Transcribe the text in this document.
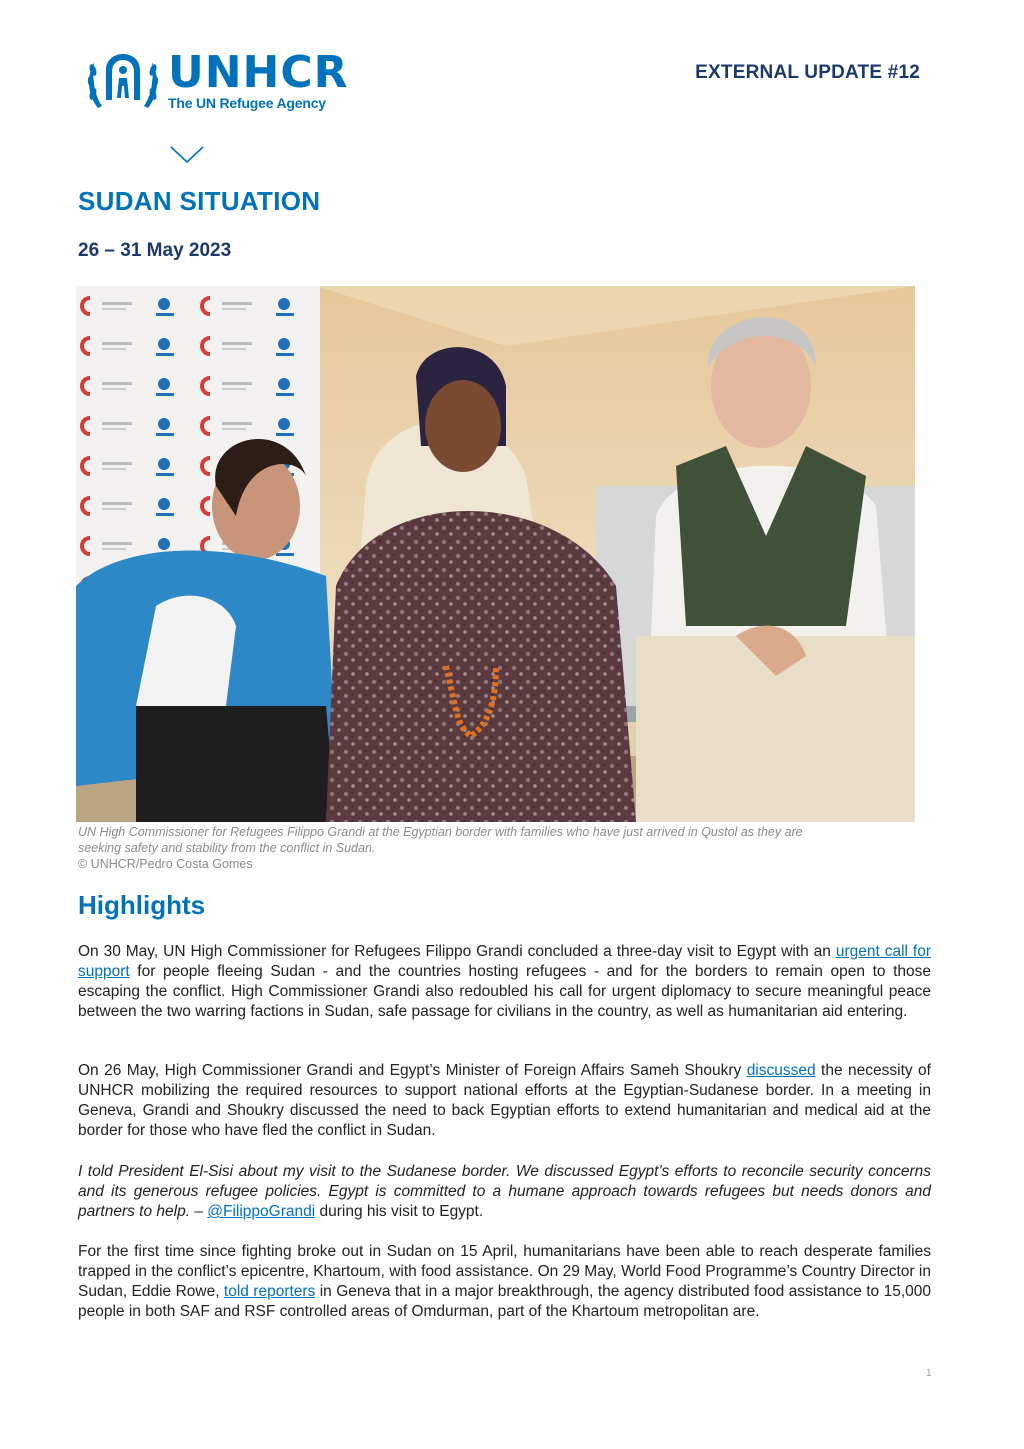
UNHCR
The UN Refugee Agency
EXTERNAL UPDATE #12
SUDAN SITUATION
26 – 31 May 2023
UN High Commissioner for Refugees Filippo Grandi at the Egyptian border with families who have just arrived in Qustol as they are
seeking safety and stability from the conflict in Sudan.
© UNHCR/Pedro Costa Gomes
Highlights
On 30 May, UN High Commissioner for Refugees Filippo Grandi concluded a three-day visit to Egypt with an urgent call for support for people fleeing Sudan - and the countries hosting refugees - and for the borders to remain open to those escaping the conflict. High Commissioner Grandi also redoubled his call for urgent diplomacy to secure meaningful peace between the two warring factions in Sudan, safe passage for civilians in the country, as well as humanitarian aid entering.
On 26 May, High Commissioner Grandi and Egypt’s Minister of Foreign Affairs Sameh Shoukry discussed the necessity of UNHCR mobilizing the required resources to support national efforts at the Egyptian-Sudanese border. In a meeting in Geneva, Grandi and Shoukry discussed the need to back Egyptian efforts to extend humanitarian and medical aid at the border for those who have fled the conflict in Sudan.
I told President El-Sisi about my visit to the Sudanese border. We discussed Egypt’s efforts to reconcile security concerns and its generous refugee policies. Egypt is committed to a humane approach towards refugees but needs donors and partners to help. – @FilippoGrandi during his visit to Egypt.
For the first time since fighting broke out in Sudan on 15 April, humanitarians have been able to reach desperate families trapped in the conflict’s epicentre, Khartoum, with food assistance. On 29 May, World Food Programme’s Country Director in Sudan, Eddie Rowe, told reporters in Geneva that in a major breakthrough, the agency distributed food assistance to 15,000 people in both SAF and RSF controlled areas of Omdurman, part of the Khartoum metropolitan are.
1
